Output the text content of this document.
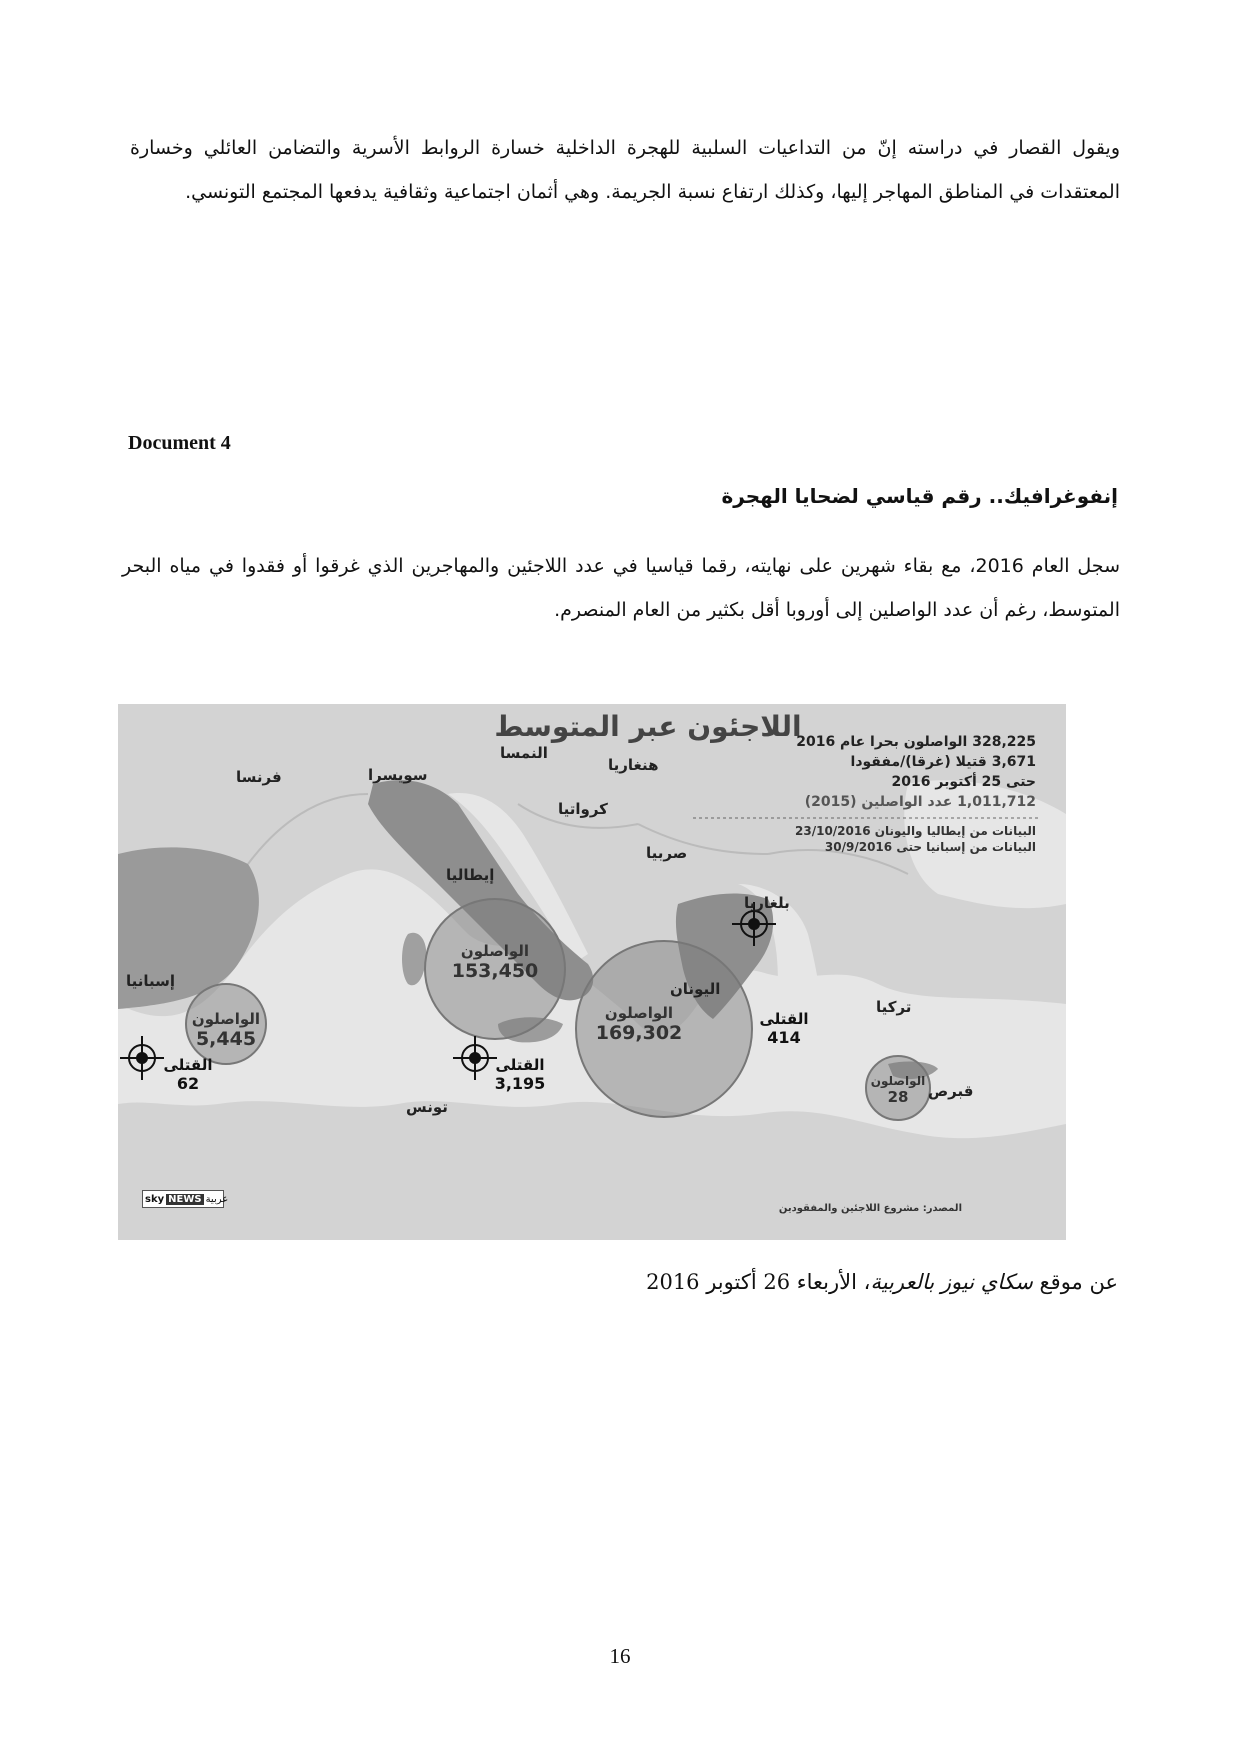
ويقول القصار في دراسته إنّ من التداعيات السلبية للهجرة الداخلية خسارة الروابط الأسرية والتضامن العائلي وخسارة المعتقدات في المناطق المهاجر إليها، وكذلك ارتفاع نسبة الجريمة. وهي أثمان اجتماعية وثقافية يدفعها المجتمع التونسي.
Document 4
إنفوغرافيك.. رقم قياسي لضحايا الهجرة
سجل العام 2016، مع بقاء شهرين على نهايته، رقما قياسيا في عدد اللاجئين والمهاجرين الذي غرقوا أو فقدوا في مياه البحر المتوسط، رغم أن عدد الواصلين إلى أوروبا أقل بكثير من العام المنصرم.
اللاجئون عبر المتوسط
328,225 الواصلون بحرا عام 2016
3,671 قتيلا (غرقا)/مفقودا
حتى 25 أكتوبر 2016
1,011,712 عدد الواصلين (2015)
البيانات من إيطاليا واليونان 23/10/2016
البيانات من إسبانيا حتى 30/9/2016
فرنسا	سويسرا
النمسا
هنغاريا
كرواتيا
صربيا
بلغاريا
إيطاليا
إسبانيا	اليونان
تركيا
تونس
قبرص
الواصلون
153,450
الواصلون
169,302
الواصلون
5,445
الواصلون
28
القتلى
62
القتلى
3,195
القتلى
414
sky NEWS عربية
المصدر: مشروع اللاجئين والمفقودين
عن موقع سكاي نيوز بالعربية، الأربعاء 26 أكتوبر 2016
16
